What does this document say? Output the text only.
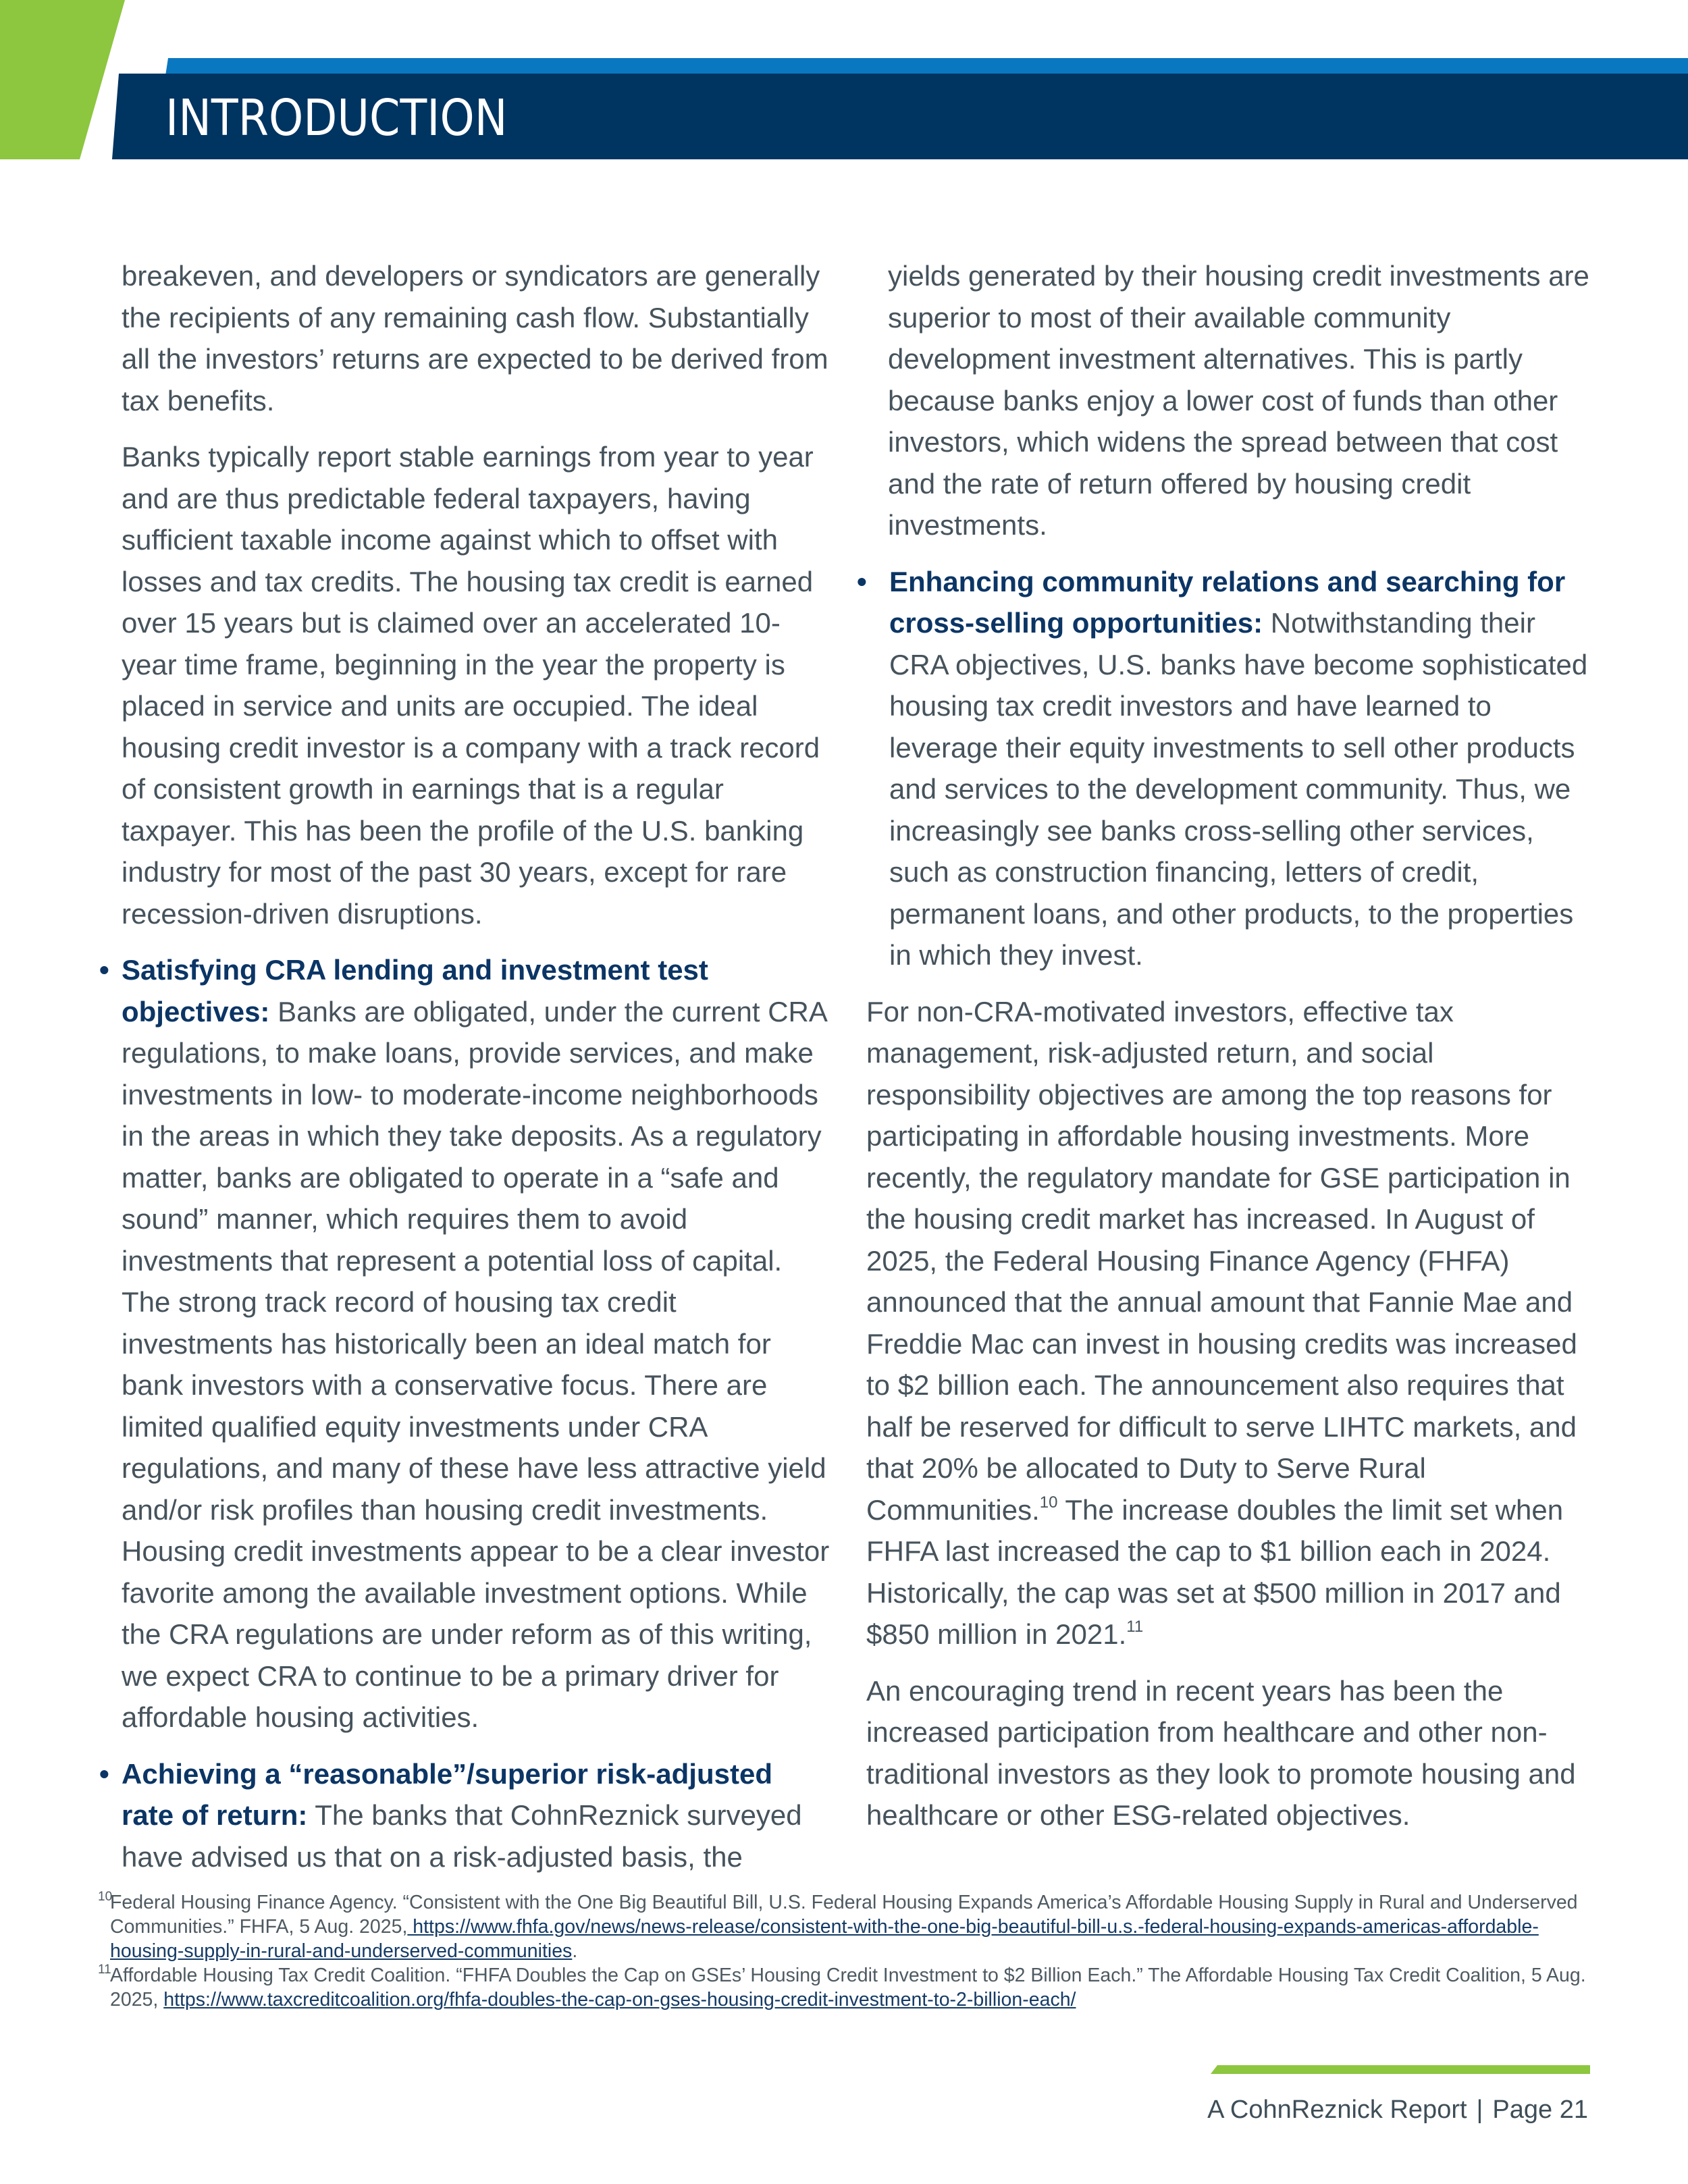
INTRODUCTION

breakeven, and developers or syndicators are generally the recipients of any remaining cash flow. Substantially all the investors’ returns are expected to be derived from tax benefits.

Banks typically report stable earnings from year to year and are thus predictable federal taxpayers, having sufficient taxable income against which to offset with losses and tax credits. The housing tax credit is earned over 15 years but is claimed over an accelerated 10-year time frame, beginning in the year the property is placed in service and units are occupied. The ideal housing credit investor is a company with a track record of consistent growth in earnings that is a regular taxpayer. This has been the profile of the U.S. banking industry for most of the past 30 years, except for rare recession-driven disruptions.

• Satisfying CRA lending and investment test objectives: Banks are obligated, under the current CRA regulations, to make loans, provide services, and make investments in low- to moderate-income neighborhoods in the areas in which they take deposits. As a regulatory matter, banks are obligated to operate in a “safe and sound” manner, which requires them to avoid investments that represent a potential loss of capital. The strong track record of housing tax credit investments has historically been an ideal match for bank investors with a conservative focus. There are limited qualified equity investments under CRA regulations, and many of these have less attractive yield and/or risk profiles than housing credit investments. Housing credit investments appear to be a clear investor favorite among the available investment options. While the CRA regulations are under reform as of this writing, we expect CRA to continue to be a primary driver for affordable housing activities.
• Achieving a “reasonable”/superior risk-adjusted rate of return: The banks that CohnReznick surveyed have advised us that on a risk-adjusted basis, the

yields generated by their housing credit investments are superior to most of their available community development investment alternatives. This is partly because banks enjoy a lower cost of funds than other investors, which widens the spread between that cost and the rate of return offered by housing credit investments.

• Enhancing community relations and searching for cross-selling opportunities: Notwithstanding their CRA objectives, U.S. banks have become sophisticated housing tax credit investors and have learned to leverage their equity investments to sell other products and services to the development community. Thus, we increasingly see banks cross-selling other services, such as construction financing, letters of credit, permanent loans, and other products, to the properties in which they invest.

For non-CRA-motivated investors, effective tax management, risk-adjusted return, and social responsibility objectives are among the top reasons for participating in affordable housing investments. More recently, the regulatory mandate for GSE participation in the housing credit market has increased. In August of 2025, the Federal Housing Finance Agency (FHFA) announced that the annual amount that Fannie Mae and Freddie Mac can invest in housing credits was increased to $2 billion each. The announcement also requires that half be reserved for difficult to serve LIHTC markets, and that 20% be allocated to Duty to Serve Rural Communities.$^{10}$ The increase doubles the limit set when FHFA last increased the cap to $1 billion each in 2024. Historically, the cap was set at $500 million in 2017 and $850 million in 2021.11

An encouraging trend in recent years has been the increased participation from healthcare and other non-traditional investors as they look to promote housing and healthcare or other ESG-related objectives.

10
Federal Housing Finance Agency. “Consistent with the One Big Beautiful Bill, U.S. Federal Housing Expands America’s Affordable Housing Supply in Rural and Underserved Communities.” FHFA, 5 Aug. 2025, https://www.fhfa.gov/news/news-release/consistent-with-the-one-big-beautiful-bill-u.s.-federal-housing-expands-americas-affordable-housing-supply-in-rural-and-underserved-communities.

11
Affordable Housing Tax Credit Coalition. “FHFA Doubles the Cap on GSEs’ Housing Credit Investment to $2 Billion Each.” The Affordable Housing Tax Credit Coalition, 5 Aug. 2025, https://www.taxcreditcoalition.org/fhfa-doubles-the-cap-on-gses-housing-credit-investment-to-2-billion-each/

A CohnReznick Report | Page 21
